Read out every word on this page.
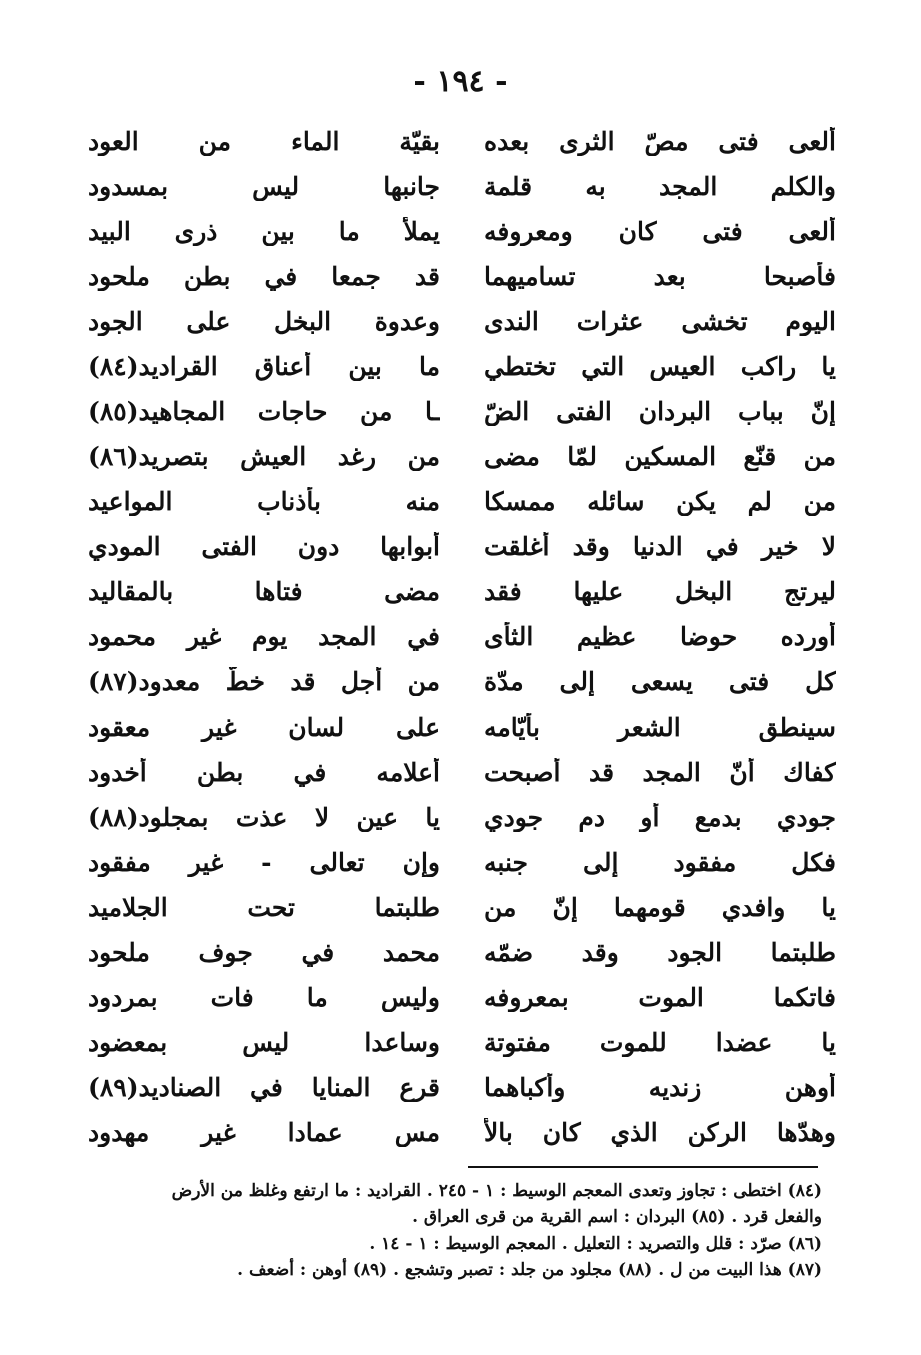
- ١٩٤ -
ألعى فتى مصّ الثرى بعده
بقيّة الماء من العود
والكلم المجد به قلمة
جانبها ليس بمسدود
ألعى فتى كان ومعروفه
يملأ ما بين ذرى البيد
فأصبحا بعد تساميهما
قد جمعا في بطن ملحود
اليوم تخشى عثرات الندى
وعدوة البخل على الجود
يا راكب العيس التي تختطي
ما بين أعناق القراديد(٨٤)
إنّ بباب البردان الفتى الضّ
ـا من حاجات المجاهيد(٨٥)
من قنّع المسكين لمّا مضى
من رغد العيش بتصريد(٨٦)
من لم يكن سائله ممسكا
منه بأذناب المواعيد
لا خير في الدنيا وقد أغلقت
أبوابها دون الفتى المودي
ليرتج البخل عليها فقد
مضى فتاها بالمقاليد
أورده حوضا عظيم الثأى
في المجد يوم غير محمود
كل فتى يسعى إلى مدّة
من أجل قد خطّ معدود(٨٧)
سينطق الشعر بأيّامه
على لسان غير معقود
كفاك أنّ المجد قد أصبحت
أعلامه في بطن أخدود
جودي بدمع أو دم جودي
يا عين لا عذت بمجلود(٨٨)
فكل مفقود إلى جنبه
وإن تعالى - غير مفقود
يا وافدي قومهما إنّ من
طلبتما تحت الجلاميد
طلبتما الجود وقد ضمّه
محمد في جوف ملحود
فاتكما الموت بمعروفه
وليس ما فات بمردود
يا عضدا للموت مفتوتة
وساعدا ليس بمعضود
أوهن زنديه وأكباهما
قرع المنايا في الصناديد(٨٩)
وهدّها الركن الذي كان بالأ
مس عمادا غير مهدود
(٨٤) اختطى : تجاوز وتعدى المعجم الوسيط : ١ - ٢٤٥ . القراديد : ما ارتفع وغلظ من الأرض
والفعل قرد . (٨٥) البردان : اسم القرية من قرى العراق .
(٨٦) صرّد : قلل والتصريد : التعليل . المعجم الوسيط : ١ - ١٤ .
(٨٧) هذا البيت من ل . (٨٨) مجلود من جلد : تصبر وتشجع . (٨٩) أوهن : أضعف .
